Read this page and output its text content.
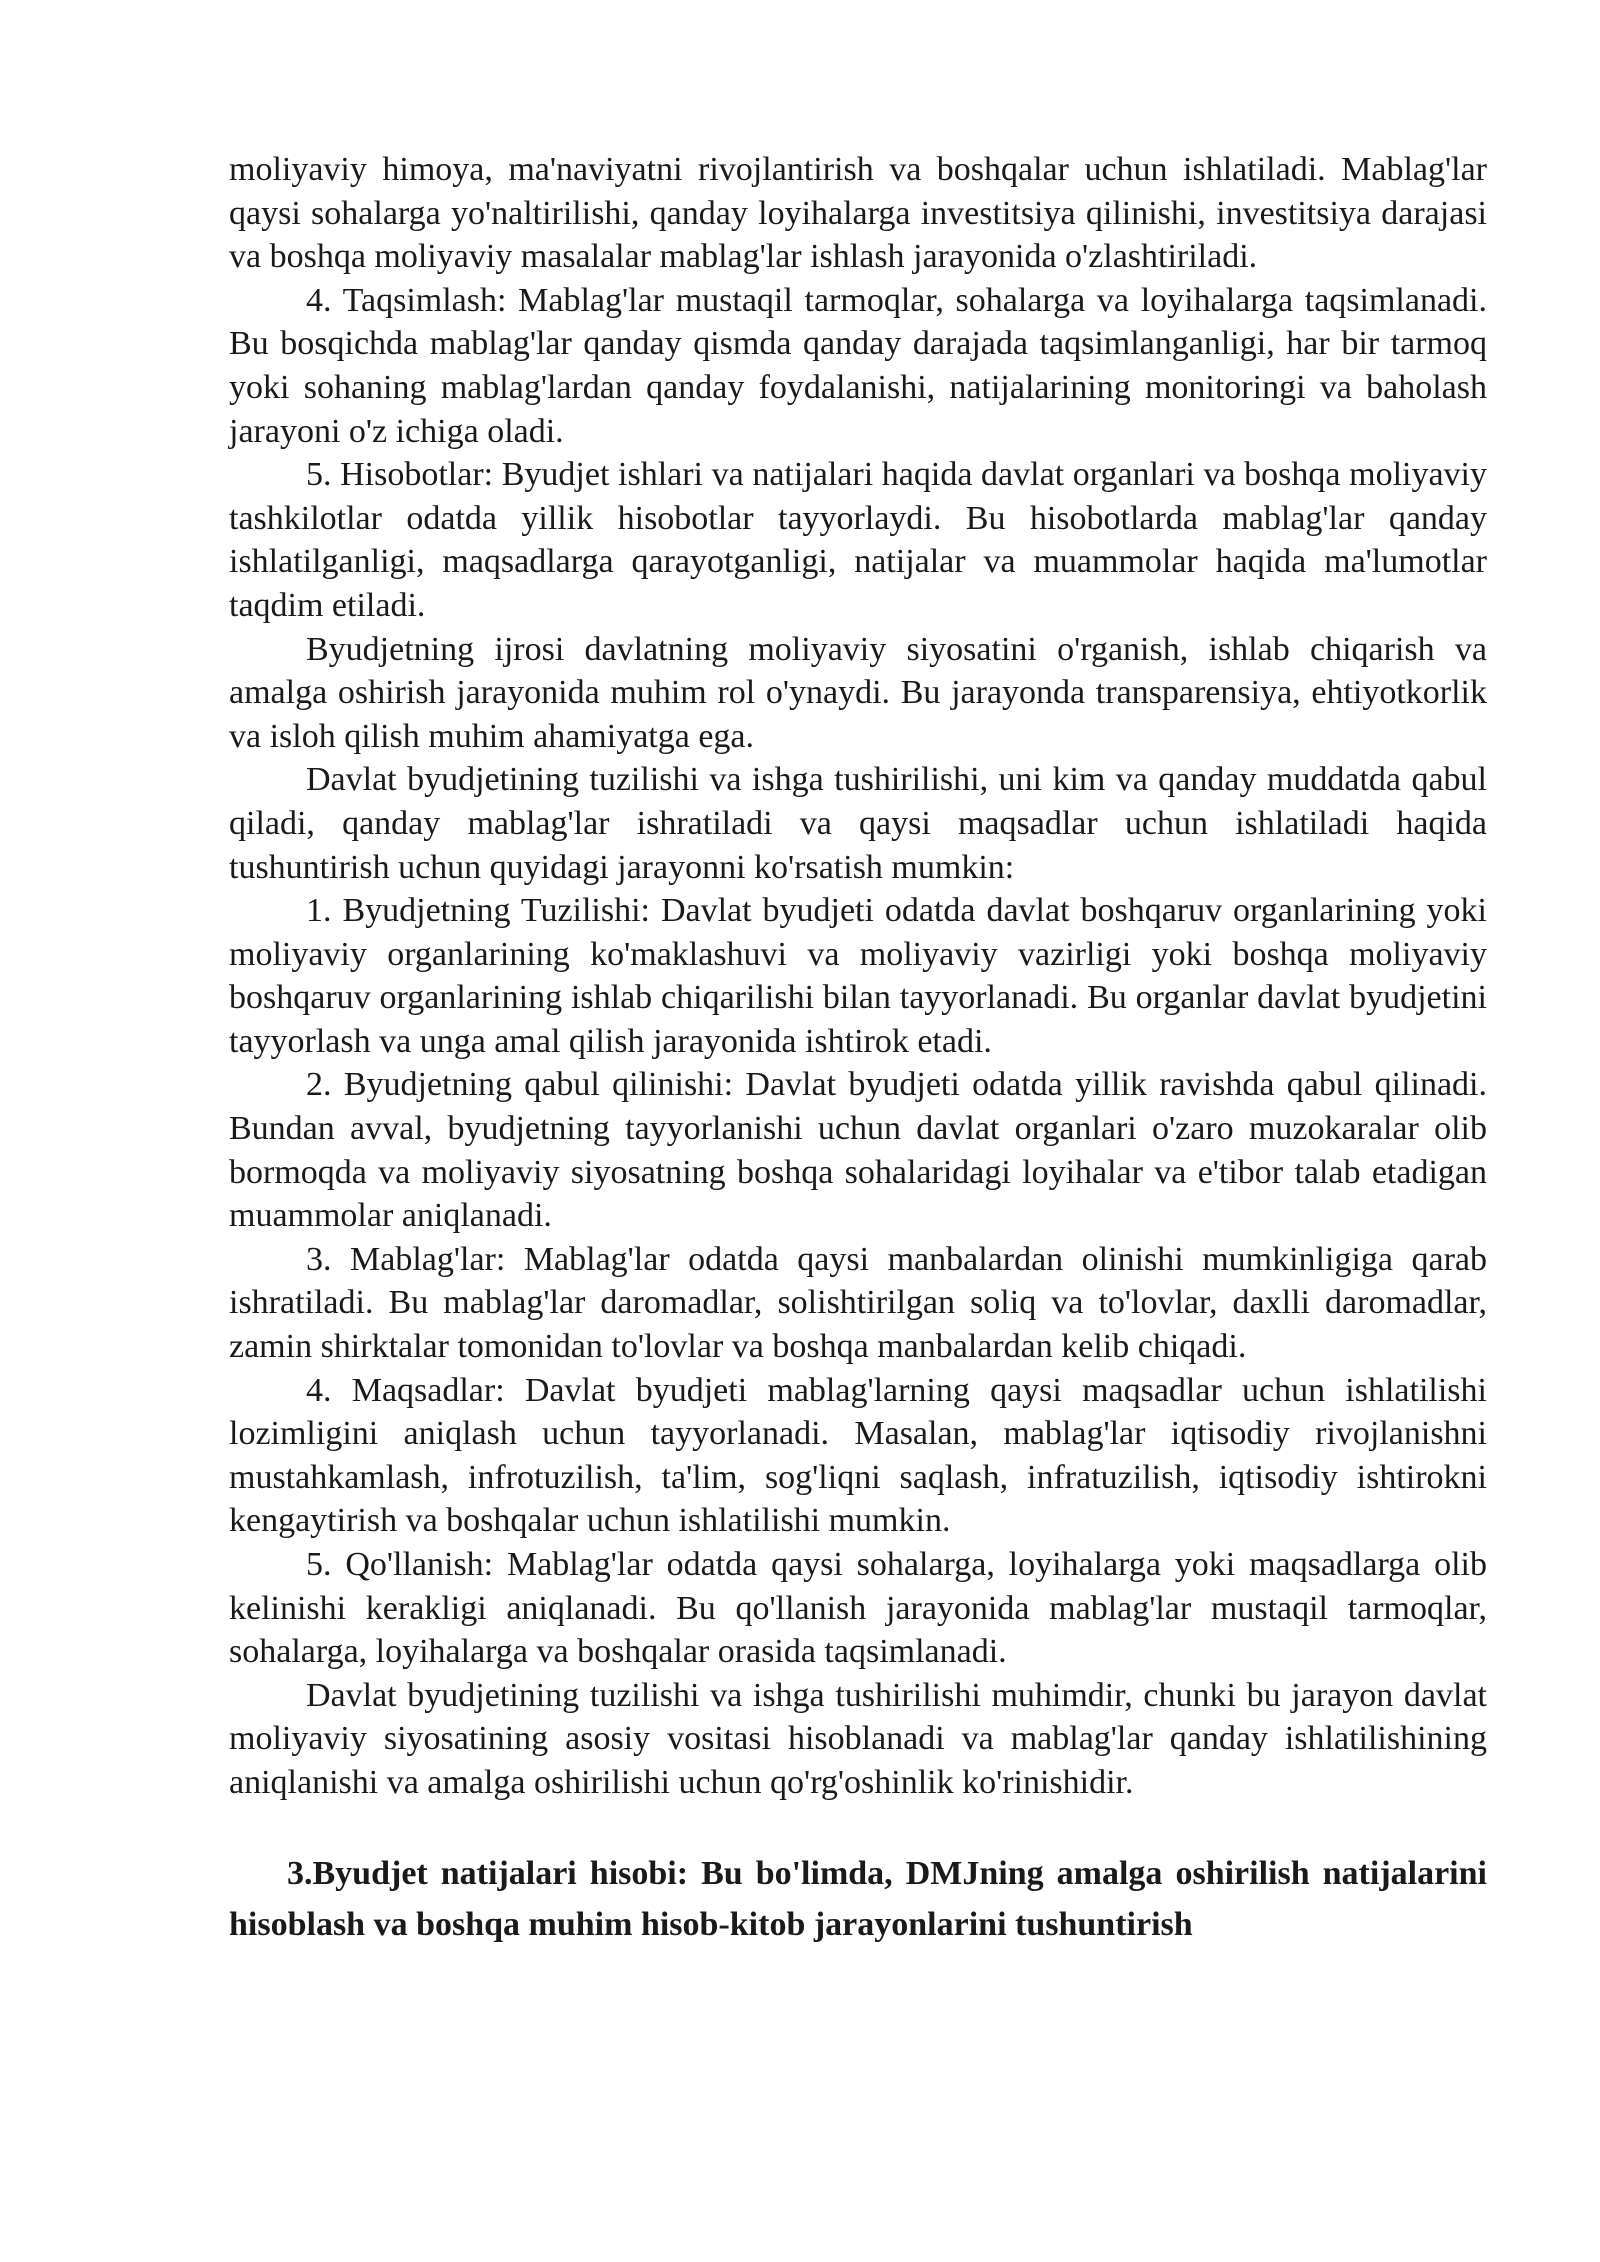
moliyaviy himoya, ma'naviyatni rivojlantirish va boshqalar uchun ishlatiladi. Mablag'lar qaysi sohalarga yo'naltirilishi, qanday loyihalarga investitsiya qilinishi, investitsiya darajasi va boshqa moliyaviy masalalar mablag'lar ishlash jarayonida o'zlashtiriladi.

4. Taqsimlash: Mablag'lar mustaqil tarmoqlar, sohalarga va loyihalarga taqsimlanadi. Bu bosqichda mablag'lar qanday qismda qanday darajada taqsimlanganligi, har bir tarmoq yoki sohaning mablag'lardan qanday foydalanishi, natijalarining monitoringi va baholash jarayoni o'z ichiga oladi.

5. Hisobotlar: Byudjet ishlari va natijalari haqida davlat organlari va boshqa moliyaviy tashkilotlar odatda yillik hisobotlar tayyorlaydi. Bu hisobotlarda mablag'lar qanday ishlatilganligi, maqsadlarga qarayotganligi, natijalar va muammolar haqida ma'lumotlar taqdim etiladi.

Byudjetning ijrosi davlatning moliyaviy siyosatini o'rganish, ishlab chiqarish va amalga oshirish jarayonida muhim rol o'ynaydi. Bu jarayonda transparensiya, ehtiyotkorlik va isloh qilish muhim ahamiyatga ega.

Davlat byudjetining tuzilishi va ishga tushirilishi, uni kim va qanday muddatda qabul qiladi, qanday mablag'lar ishratiladi va qaysi maqsadlar uchun ishlatiladi haqida tushuntirish uchun quyidagi jarayonni ko'rsatish mumkin:

1. Byudjetning Tuzilishi: Davlat byudjeti odatda davlat boshqaruv organlarining yoki moliyaviy organlarining ko'maklashuvi va moliyaviy vazirligi yoki boshqa moliyaviy boshqaruv organlarining ishlab chiqarilishi bilan tayyorlanadi. Bu organlar davlat byudjetini tayyorlash va unga amal qilish jarayonida ishtirok etadi.

2. Byudjetning qabul qilinishi: Davlat byudjeti odatda yillik ravishda qabul qilinadi. Bundan avval, byudjetning tayyorlanishi uchun davlat organlari o'zaro muzokaralar olib bormoqda va moliyaviy siyosatning boshqa sohalaridagi loyihalar va e'tibor talab etadigan muammolar aniqlanadi.

3. Mablag'lar: Mablag'lar odatda qaysi manbalardan olinishi mumkinligiga qarab ishratiladi. Bu mablag'lar daromadlar, solishtirilgan soliq va to'lovlar, daxlli daromadlar, zamin shirktalar tomonidan to'lovlar va boshqa manbalardan kelib chiqadi.

4. Maqsadlar: Davlat byudjeti mablag'larning qaysi maqsadlar uchun ishlatilishi lozimligini aniqlash uchun tayyorlanadi. Masalan, mablag'lar iqtisodiy rivojlanishni mustahkamlash, infrotuzilish, ta'lim, sog'liqni saqlash, infratuzilish, iqtisodiy ishtirokni kengaytirish va boshqalar uchun ishlatilishi mumkin.

5. Qo'llanish: Mablag'lar odatda qaysi sohalarga, loyihalarga yoki maqsadlarga olib kelinishi kerakligi aniqlanadi. Bu qo'llanish jarayonida mablag'lar mustaqil tarmoqlar, sohalarga, loyihalarga va boshqalar orasida taqsimlanadi.

Davlat byudjetining tuzilishi va ishga tushirilishi muhimdir, chunki bu jarayon davlat moliyaviy siyosatining asosiy vositasi hisoblanadi va mablag'lar qanday ishlatilishining aniqlanishi va amalga oshirilishi uchun qo'rg'oshinlik ko'rinishidir.

3.Byudjet natijalari hisobi: Bu bo'limda, DMJning amalga oshirilish natijalarini hisoblash va boshqa muhim hisob-kitob jarayonlarini tushuntirish
